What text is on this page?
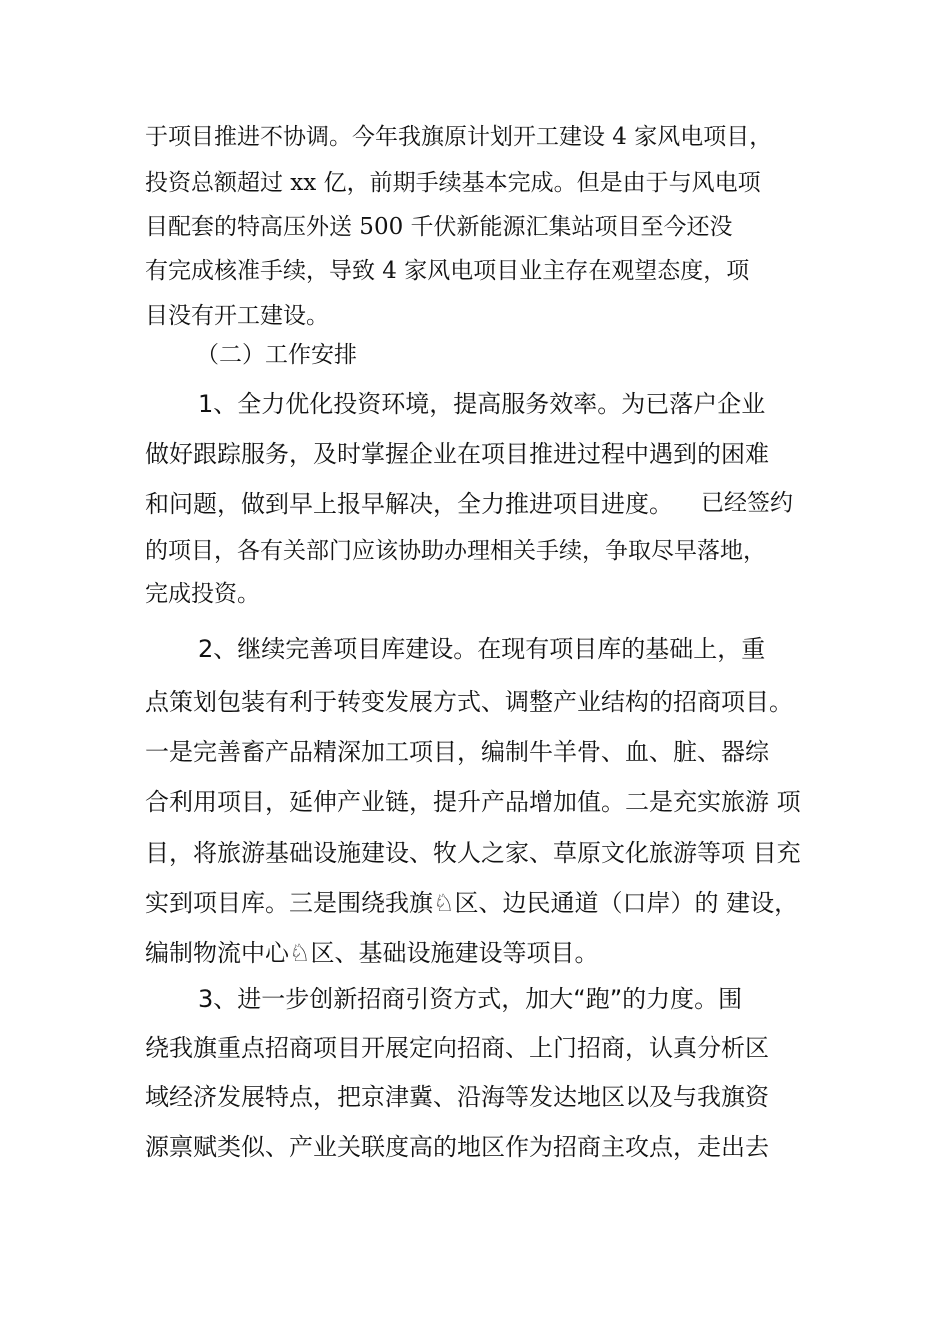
于项目推进不协调。今年我旗原计划开工建设 4 家风电项目，
投资总额超过 xx 亿，前期手续基本完成。但是由于与风电项
目配套的特高压外送 500 千伏新能源汇集站项目至今还没
有完成核准手续，导致 4 家风电项目业主存在观望态度，项
目没有开工建设。
（二）工作安排
1、全力优化投资环境，提高服务效率。为已落户企业
做好跟踪服务，及时掌握企业在项目推进过程中遇到的困难
和问题，做到早上报早解决，全力推进项目进度。 已经签约
的项目，各有关部门应该协助办理相关手续，争取尽早落地，
完成投资。
2、继续完善项目库建设。在现有项目库的基础上，重
点策划包装有利于转变发展方式、调整产业结构的招商项目。
一是完善畜产品精深加工项目，编制牛羊骨、血、脏、器综
合利用项目，延伸产业链，提升产品增加值。二是充实旅游 项
目，将旅游基础设施建设、牧人之家、草原文化旅游等项 目充
实到项目库。三是围绕我旗♘区、边民通道（口岸）的 建设，
编制物流中心♘区、基础设施建设等项目。
3、进一步创新招商引资方式，加大“跑”的力度。围
绕我旗重点招商项目开展定向招商、上门招商，认真分析区
域经济发展特点，把京津冀、沿海等发达地区以及与我旗资
源禀赋类似、产业关联度高的地区作为招商主攻点，走出去
